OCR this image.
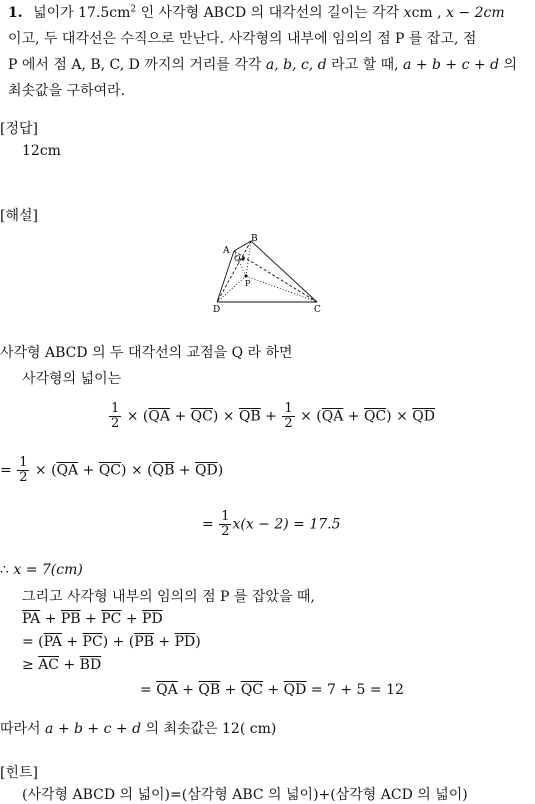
1. 넓이가 $17.5cm^2$ 인 사각형 ABCD 의 대각선의 길이는 각각 xcm , x − 2cm
이고, 두 대각선은 수직으로 만난다. 사각형의 내부에 임의의 점 P 를 잡고, 점
P 에서 점 A, B, C, D 까지의 거리를 각각 a, b, c, d 라고 할 때, a + b + c + d 의
최솟값을 구하여라.
[정답]
12cm
[해설]
A
B
Q
P
C
D
사각형 ABCD 의 두 대각선의 교점을 Q 라 하면
사각형의 넓이는
$\frac{1}{2} \times (\overline{QA} + \overline{QC}) \times \overline{QB} + \frac{1}{2} \times (\overline{QA} + \overline{QC}) \times \overline{QD}$
= $\frac{1}{2} \times (\overline{QA} + \overline{QC}) \times (\overline{QB} + \overline{QD})$
= $\frac{1}{2} x(x - 2) = 17.5$
∴ x = 7(cm)
그리고 사각형 내부의 임의의 점 P 를 잡았을 때,
$\overline{PA} + \overline{PB} + \overline{PC} + \overline{PD}$
= $(\overline{PA} + \overline{PC}) + (\overline{PB} + \overline{PD})$
≥ $\overline{AC} + \overline{BD}$
= $\overline{QA} + \overline{QB} + \overline{QC} + \overline{QD} = 7 + 5 = 12$
따라서 a + b + c + d 의 최솟값은 12( cm)
[힌트]
(사각형 ABCD 의 넓이)=(삼각형 ABC 의 넓이)+(삼각형 ACD 의 넓이)
